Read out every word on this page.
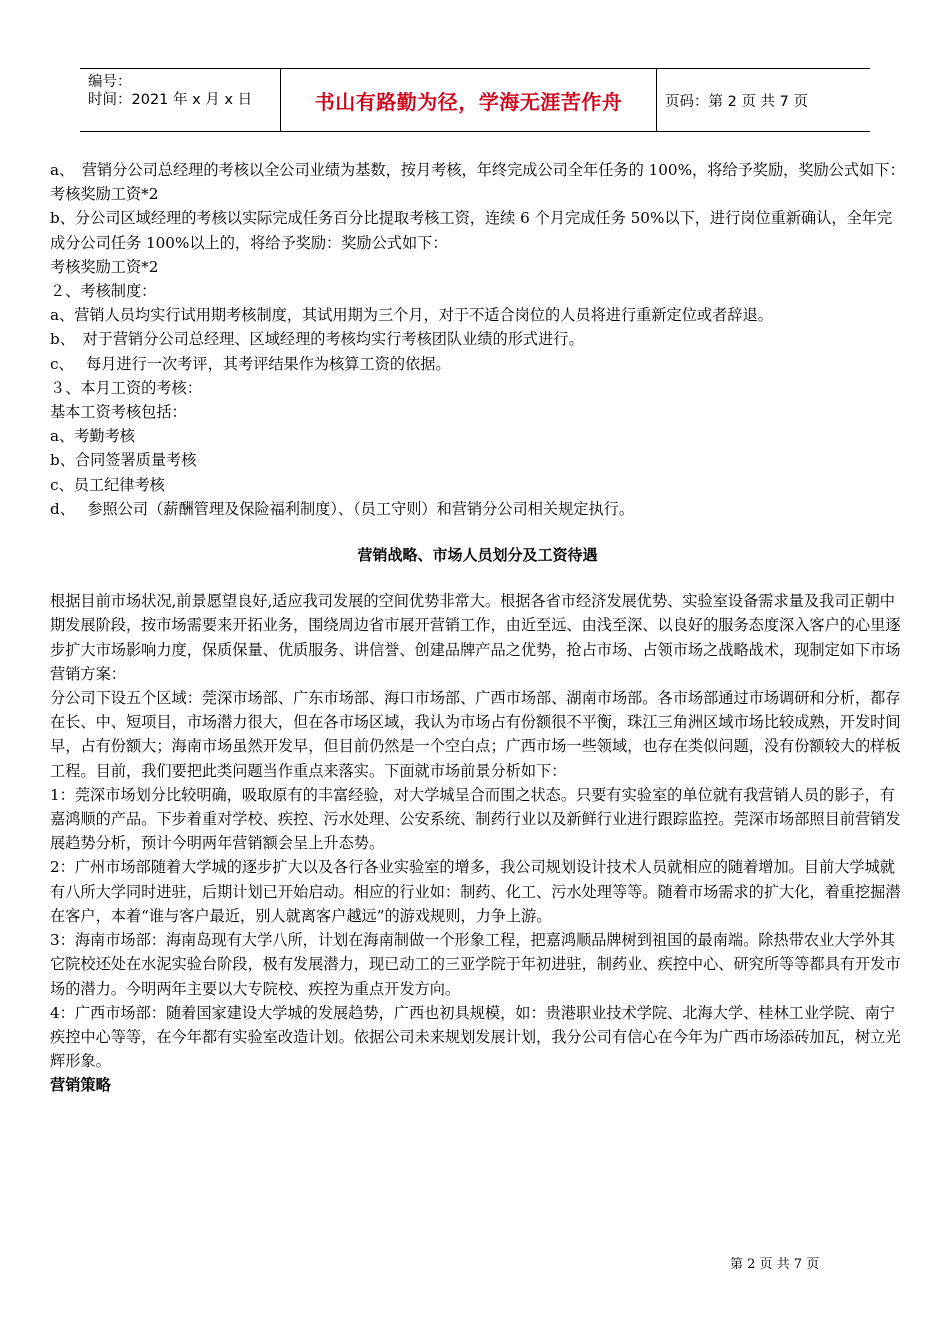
编号：
时间：2021 年 x 月 x 日	书山有路勤为径，学海无涯苦作舟	页码：第 2 页 共 7 页

a、　营销分公司总经理的考核以全公司业绩为基数，按月考核，年终完成公司全年任务的 100%，将给予奖励，奖励公式如下：

考核奖励工资*2

b、分公司区域经理的考核以实际完成任务百分比提取考核工资，连续 6 个月完成任务 50%以下，进行岗位重新确认，全年完成分公司任务 100%以上的，将给予奖励：奖励公式如下：

考核奖励工资*2

２、考核制度：

a、营销人员均实行试用期考核制度，其试用期为三个月，对于不适合岗位的人员将进行重新定位或者辞退。

b、　对于营销分公司总经理、区域经理的考核均实行考核团队业绩的形式进行。

c、　 每月进行一次考评，其考评结果作为核算工资的依据。

３、本月工资的考核：

基本工资考核包括：

a、考勤考核

b、合同签署质量考核

c、员工纪律考核

d、　 参照公司（薪酬管理及保险福利制度）、（员工守则）和营销分公司相关规定执行。

营销战略、市场人员划分及工资待遇

根据目前市场状况,前景愿望良好,适应我司发展的空间优势非常大。根据各省市经济发展优势、实验室设备需求量及我司正朝中期发展阶段，按市场需要来开拓业务，围绕周边省市展开营销工作，由近至远、由浅至深、以良好的服务态度深入客户的心里逐步扩大市场影响力度，保质保量、优质服务、讲信誉、创建品牌产品之优势，抢占市场、占领市场之战略战术，现制定如下市场营销方案：

分公司下设五个区域：莞深市场部、广东市场部、海口市场部、广西市场部、湖南市场部。各市场部通过市场调研和分析，都存在长、中、短项目，市场潜力很大，但在各市场区域，我认为市场占有份额很不平衡，珠江三角洲区域市场比较成熟，开发时间早，占有份额大；海南市场虽然开发早，但目前仍然是一个空白点；广西市场一些领域，也存在类似问题，没有份额较大的样板工程。目前，我们要把此类问题当作重点来落实。下面就市场前景分析如下：

1：莞深市场划分比较明确，吸取原有的丰富经验，对大学城呈合而围之状态。只要有实验室的单位就有我营销人员的影子，有嘉鸿顺的产品。下步着重对学校、疾控、污水处理、公安系统、制药行业以及新鲜行业进行跟踪监控。莞深市场部照目前营销发展趋势分析，预计今明两年营销额会呈上升态势。

2：广州市场部随着大学城的逐步扩大以及各行各业实验室的增多，我公司规划设计技术人员就相应的随着增加。目前大学城就有八所大学同时进驻，后期计划已开始启动。相应的行业如：制药、化工、污水处理等等。随着市场需求的扩大化，着重挖掘潜在客户，本着“谁与客户最近，别人就离客户越远”的游戏规则，力争上游。

3：海南市场部：海南岛现有大学八所，计划在海南制做一个形象工程，把嘉鸿顺品牌树到祖国的最南端。除热带农业大学外其它院校还处在水泥实验台阶段，极有发展潜力，现已动工的三亚学院于年初进驻，制药业、疾控中心、研究所等等都具有开发市场的潜力。今明两年主要以大专院校、疾控为重点开发方向。

4：广西市场部：随着国家建设大学城的发展趋势，广西也初具规模，如：贵港职业技术学院、北海大学、桂林工业学院、南宁疾控中心等等，在今年都有实验室改造计划。依据公司未来规划发展计划，我分公司有信心在今年为广西市场添砖加瓦，树立光辉形象。

营销策略

第 2 页 共 7 页
